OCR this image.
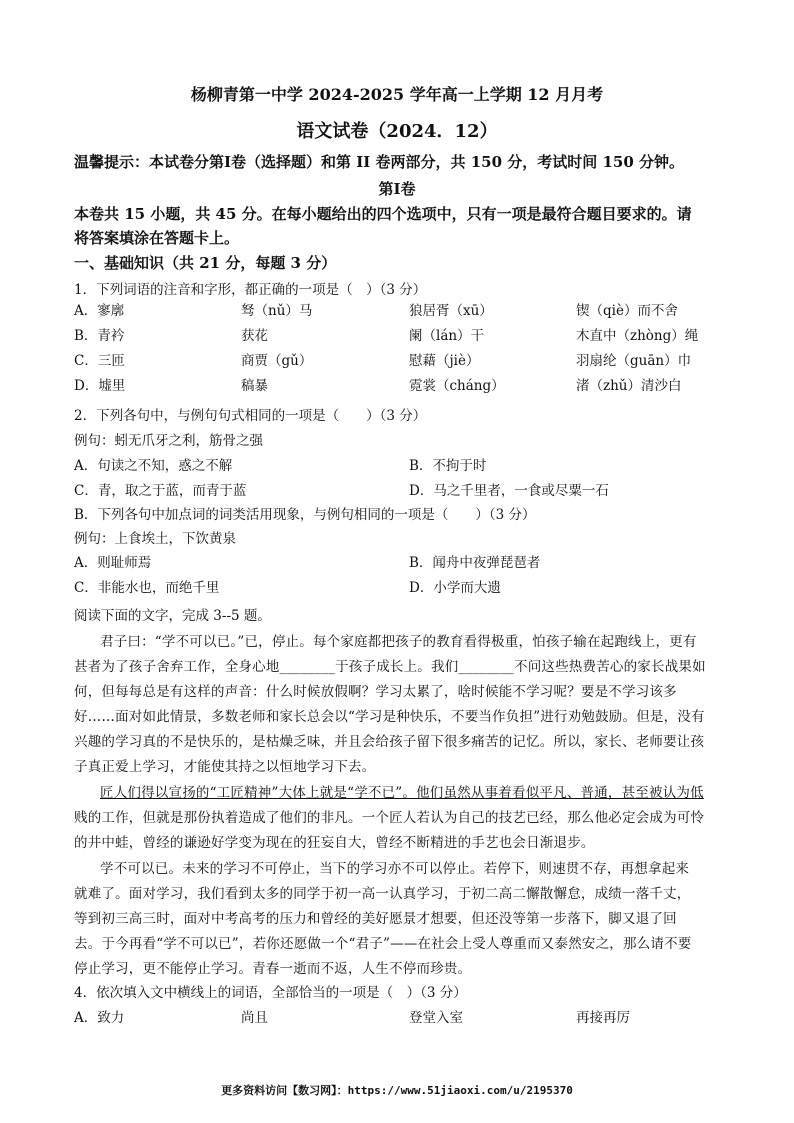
杨柳青第一中学 2024-2025 学年高一上学期 12 月月考
语文试卷（2024．12）
温馨提示：本试卷分第Ⅰ卷（选择题）和第 II 卷两部分，共 150 分，考试时间 150 分钟。
第Ⅰ卷
本卷共 15 小题，共 45 分。在每小题给出的四个选项中，只有一项是最符合题目要求的。请
将答案填涂在答题卡上。
一、基础知识（共 21 分，每题 3 分）
1．下列词语的注音和字形，都正确的一项是（　）（3 分）
A．寥廓	驽（nǔ）马	狼居胥（xū）	锲（qiè）而不舍
B．青衿	获花	阑（lán）干	木直中（zhòng）绳
C．三匝	商贾（gǔ）	慰藉（jiè）	羽扇纶（guān）巾
D．墟里	稿暴	霓裳（cháng）	渚（zhǔ）清沙白
2．下列各句中，与例句句式相同的一项是（　　）（3 分）
例句：蚓无爪牙之利，筋骨之强
A．句读之不知，惑之不解	B．不拘于时
C．青，取之于蓝，而青于蓝	D．马之千里者，一食或尽粟一石
B．下列各句中加点词的词类活用现象，与例句相同的一项是（　　）（3 分）
例句：上食埃土，下饮黄泉
A．则耻师焉	B．闻舟中夜弹琵琶者
C．非能水也，而绝千里	D．小学而大遗
阅读下面的文字，完成 3--5 题。
君子曰：“学不可以已。”已，停止。每个家庭都把孩子的教育看得极重，怕孩子输在起跑线上，更有
甚者为了孩子舍弃工作，全身心地________于孩子成长上。我们________不问这些热费苦心的家长战果如
何，但每每总是有这样的声音：什么时候放假啊？学习太累了，啥时候能不学习呢？要是不学习该多
好……面对如此情景，多数老师和家长总会以“学习是种快乐，不要当作负担”进行劝勉鼓励。但是，没有
兴趣的学习真的不是快乐的，是枯燥乏味，并且会给孩子留下很多痛苦的记忆。所以，家长、老师要让孩
子真正爱上学习，才能使其持之以恒地学习下去。
匠人们得以宣扬的“工匠精神”大体上就是“学不已”。他们虽然从事着看似平凡、普通，甚至被认为低
贱的工作，但就是那份执着造成了他们的非凡。一个匠人若认为自己的技艺已经，那么他必定会成为可怜
的井中蛙，曾经的谦逊好学变为现在的狂妄自大，曾经不断精进的手艺也会日渐退步。
学不可以已。未来的学习不可停止，当下的学习亦不可以停止。若停下，则速贯不存，再想拿起来
就难了。面对学习，我们看到太多的同学于初一高一认真学习，于初二高二懈散懈怠，成绩一落千丈，
等到初三高三时，面对中考高考的压力和曾经的美好愿景才想要，但还没等第一步落下，脚又退了回
去。于今再看“学不可以已”，若你还愿做一个“君子”——在社会上受人尊重而又泰然安之，那么请不要
停止学习，更不能停止学习。青春一逝而不返，人生不停而珍贵。
4．依次填入文中横线上的词语，全部恰当的一项是（　）（3 分）
A．致力	尚且	登堂入室	再接再厉
更多资料访问【数习网】：https://www.51jiaoxi.com/u/2195370
